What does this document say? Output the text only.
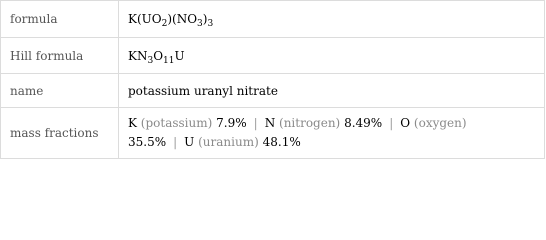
formula	$K(UO_2)(NO_3)_3$
Hill formula	$KN_3O_{11}U$
name	potassium uranyl nitrate
mass fractions	K (potassium) 7.9% | N (nitrogen) 8.49% | O (oxygen)
35.5% | U (uranium) 48.1%
